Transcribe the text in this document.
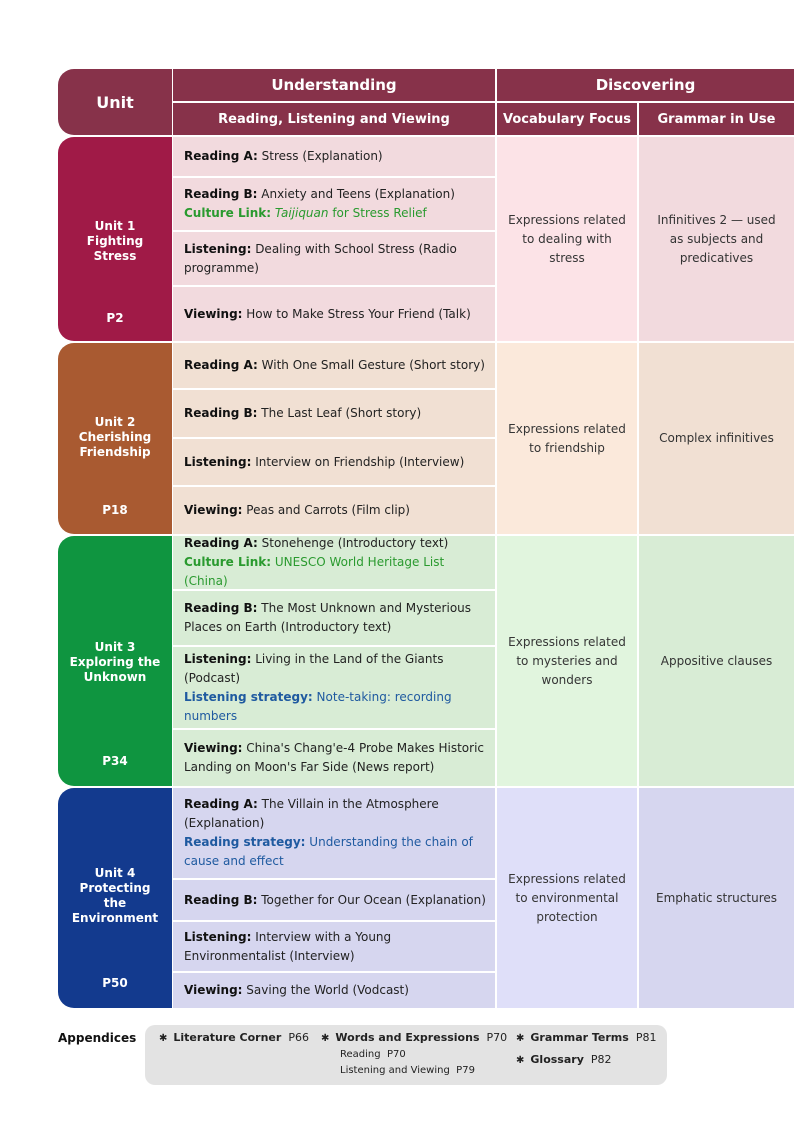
Unit
Understanding	Discovering
Reading, Listening and Viewing	Vocabulary Focus Grammar in Use
Unit 1
Fighting
Stress
P2
Reading A: Stress (Explanation)
Reading B: Anxiety and Teens (Explanation)
Culture Link: Taijiquan for Stress Relief
Listening: Dealing with School Stress (Radio programme)
Viewing: How to Make Stress Your Friend (Talk)
Expressions related to dealing with stress
Infinitives 2 — used as subjects and predicatives
Unit 2
Cherishing
Friendship
P18
Reading A: With One Small Gesture (Short story)
Reading B: The Last Leaf (Short story)
Listening: Interview on Friendship (Interview)
Viewing: Peas and Carrots (Film clip)
Expressions related to friendship
Complex infinitives
Unit 3
Exploring the
Unknown
P34
Reading A: Stonehenge (Introductory text)
Culture Link: UNESCO World Heritage List (China)
Reading B: The Most Unknown and Mysterious Places on Earth (Introductory text)
Listening: Living in the Land of the Giants (Podcast)
Listening strategy: Note-taking: recording numbers
Viewing: China's Chang'e-4 Probe Makes Historic Landing on Moon's Far Side (News report)
Expressions related to mysteries and wonders
Appositive clauses
Unit 4
Protecting
the
Environment
P50
Reading A: The Villain in the Atmosphere (Explanation)
Reading strategy: Understanding the chain of cause and effect
Reading B: Together for Our Ocean (Explanation)
Listening: Interview with a Young Environmentalist (Interview)
Viewing: Saving the World (Vodcast)
Expressions related to environmental protection
Emphatic structures
Appendices ✱ Literature Corner P66 ✱ Words and Expressions P70
Reading P70
Listening and Viewing P79
✱ Grammar Terms P81
✱ Glossary P82
